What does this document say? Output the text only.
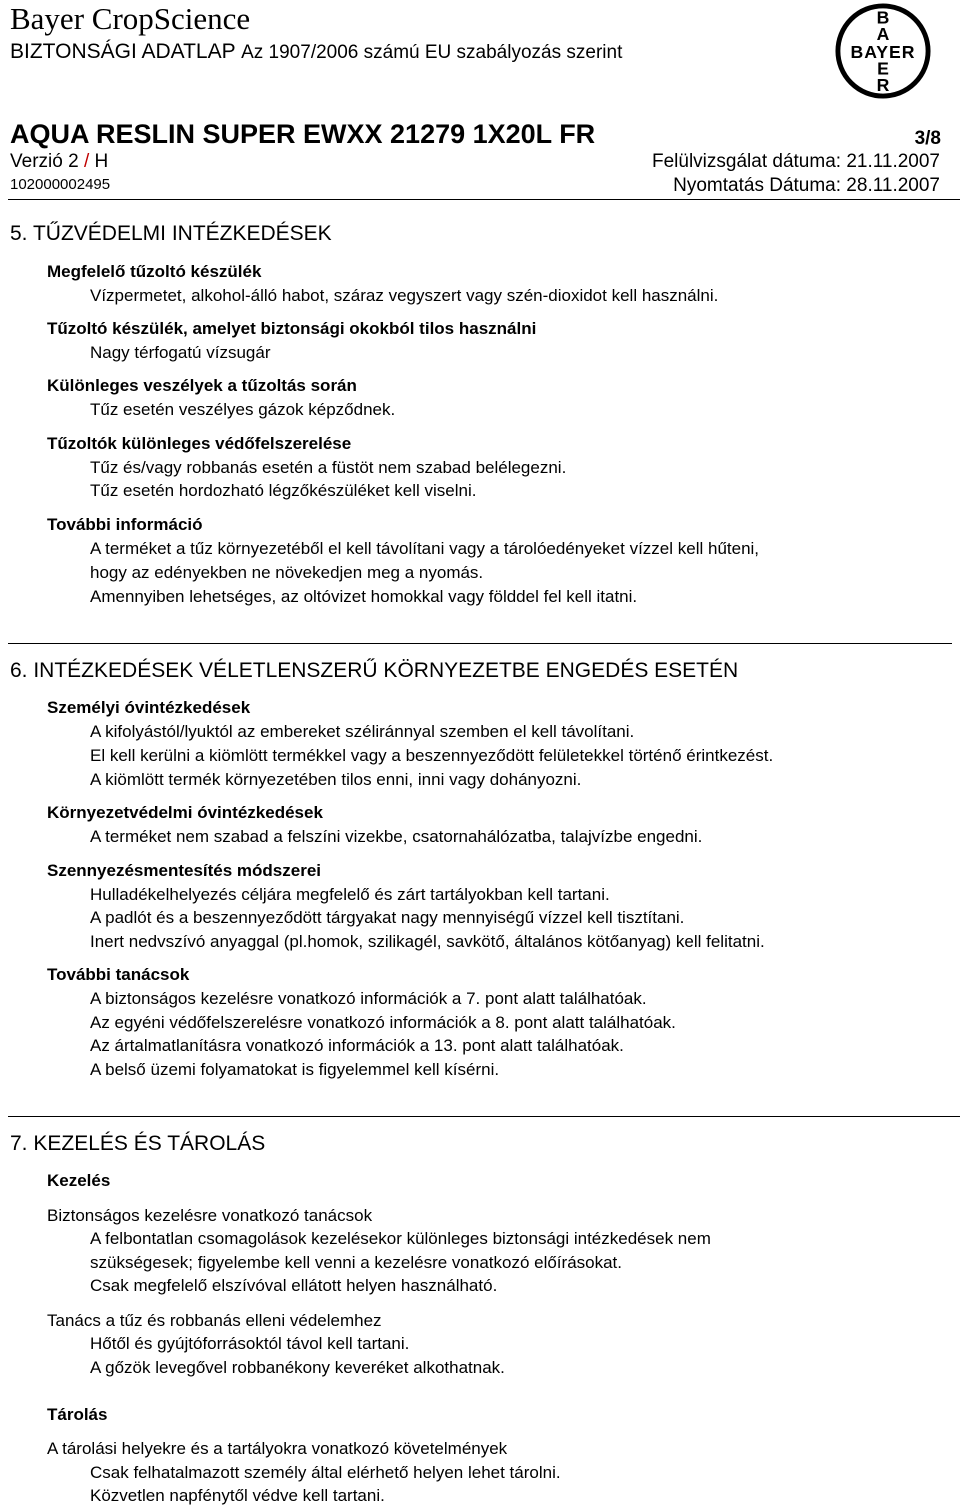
Bayer CropScience
BIZTONSÁGI ADATLAP Az 1907/2006 számú EU szabályozás szerint
B
A
BAYER
E
R
AQUA RESLIN SUPER EWXX 21279 1X20L FR	3/8
Verzió 2 / H	Felülvizsgálat dátuma: 21.11.2007
102000002495	Nyomtatás Dátuma: 28.11.2007
5. TŰZVÉDELMI INTÉZKEDÉSEK
Megfelelő tűzoltó készülék
Vízpermetet, alkohol-álló habot, száraz vegyszert vagy szén-dioxidot kell használni.
Tűzoltó készülék, amelyet biztonsági okokból tilos használni
Nagy térfogatú vízsugár
Különleges veszélyek a tűzoltás során
Tűz esetén veszélyes gázok képződnek.
Tűzoltók különleges védőfelszerelése
Tűz és/vagy robbanás esetén a füstöt nem szabad belélegezni.
Tűz esetén hordozható légzőkészüléket kell viselni.
További információ
A terméket a tűz környezetéből el kell távolítani vagy a tárolóedényeket vízzel kell hűteni,
hogy az edényekben ne növekedjen meg a nyomás.
Amennyiben lehetséges, az oltóvizet homokkal vagy földdel fel kell itatni.
6. INTÉZKEDÉSEK VÉLETLENSZERŰ KÖRNYEZETBE ENGEDÉS ESETÉN
Személyi óvintézkedések
A kifolyástól/lyuktól az embereket széliránnyal szemben el kell távolítani.
El kell kerülni a kiömlött termékkel vagy a beszennyeződött felületekkel történő érintkezést.
A kiömlött termék környezetében tilos enni, inni vagy dohányozni.
Környezetvédelmi óvintézkedések
A terméket nem szabad a felszíni vizekbe, csatornahálózatba, talajvízbe engedni.
Szennyezésmentesítés módszerei
Hulladékelhelyezés céljára megfelelő és zárt tartályokban kell tartani.
A padlót és a beszennyeződött tárgyakat nagy mennyiségű vízzel kell tisztítani.
Inert nedvszívó anyaggal (pl.homok, szilikagél, savkötő, általános kötőanyag) kell felitatni.
További tanácsok
A biztonságos kezelésre vonatkozó információk a 7. pont alatt találhatóak.
Az egyéni védőfelszerelésre vonatkozó információk a 8. pont alatt találhatóak.
Az ártalmatlanításra vonatkozó információk a 13. pont alatt találhatóak.
A belső üzemi folyamatokat is figyelemmel kell kísérni.
7. KEZELÉS ÉS TÁROLÁS
Kezelés
Biztonságos kezelésre vonatkozó tanácsok
A felbontatlan csomagolások kezelésekor különleges biztonsági intézkedések nem
szükségesek; figyelembe kell venni a kezelésre vonatkozó előírásokat.
Csak megfelelő elszívóval ellátott helyen használható.
Tanács a tűz és robbanás elleni védelemhez
Hőtől és gyújtóforrásoktól távol kell tartani.
A gőzök levegővel robbanékony keveréket alkothatnak.
Tárolás
A tárolási helyekre és a tartályokra vonatkozó követelmények
Csak felhatalmazott személy által elérhető helyen lehet tárolni.
Közvetlen napfénytől védve kell tartani.
